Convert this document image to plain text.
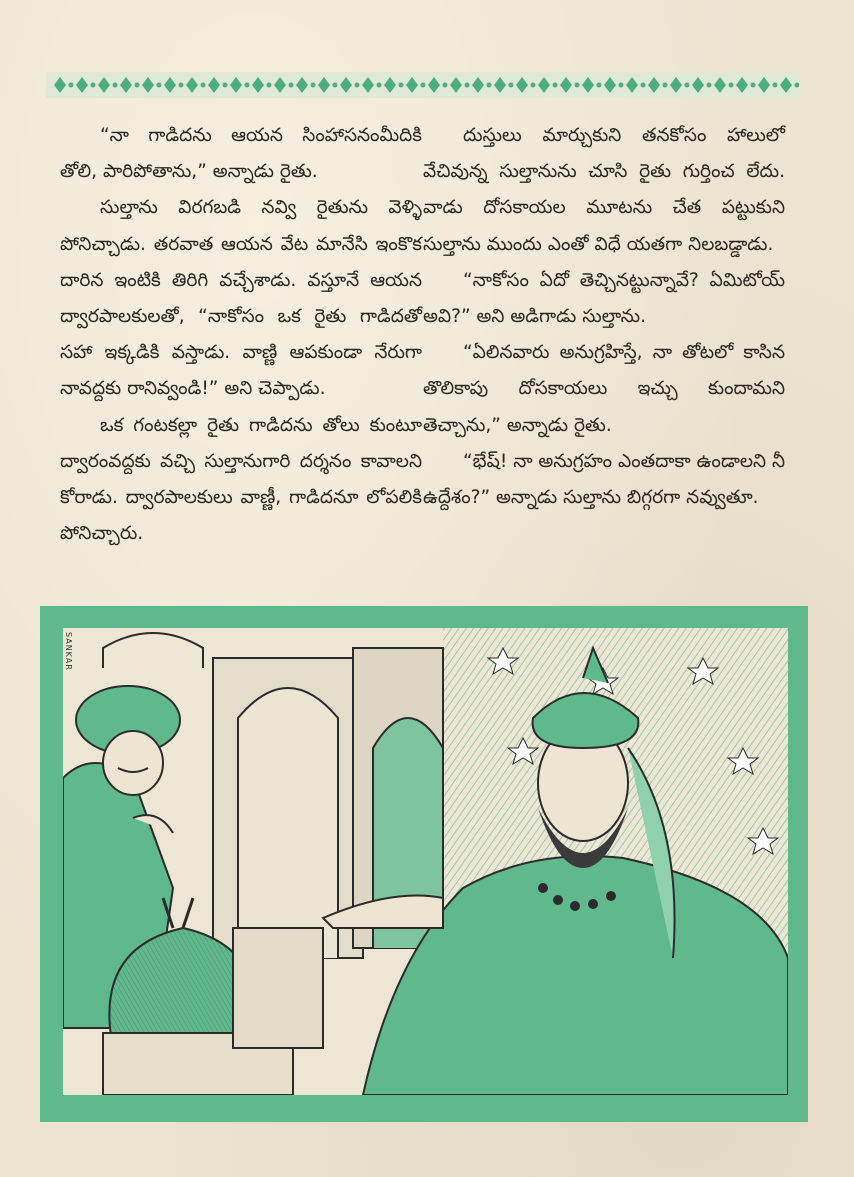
“నా గాడిదను ఆయన సింహాసనంమీదికి తోలి, పారిపోతాను,” అన్నాడు రైతు.

సుల్తాను విరగబడి నవ్వి రైతును వెళ్ళి పోనిచ్చాడు. తరవాత ఆయన వేట మానేసి ఇంకొక దారిన ఇంటికి తిరిగి వచ్చేశాడు. వస్తూనే ఆయన ద్వారపాలకులతో, “నాకోసం ఒక రైతు గాడిదతో సహా ఇక్కడికి వస్తాడు. వాణ్ణి ఆపకుండా నేరుగా నావద్దకు రానివ్వండి!” అని చెప్పాడు.

ఒక గంటకల్లా రైతు గాడిదను తోలు కుంటూ ద్వారంవద్దకు వచ్చి సుల్తానుగారి దర్శనం కావాలని కోరాడు. ద్వారపాలకులు వాణ్ణీ, గాడిదనూ లోపలికి పోనిచ్చారు.

దుస్తులు మార్చుకుని తనకోసం హాలులో వేచివున్న సుల్తానును చూసి రైతు గుర్తించ లేదు. వాడు దోసకాయల మూటను చేత పట్టుకుని సుల్తాను ముందు ఎంతో విధే యతగా నిలబడ్డాడు.

“నాకోసం ఏదో తెచ్చినట్టున్నావే? ఏమిటోయ్ అవి?” అని అడిగాడు సుల్తాను.

“ఏలినవారు అనుగ్రహిస్తే, నా తోటలో కాసిన తొలికాపు దోసకాయలు ఇచ్చు కుందామని తెచ్చాను,” అన్నాడు రైతు.

“భేష్! నా అనుగ్రహం ఎంతదాకా ఉండాలని నీ ఉద్దేశం?” అన్నాడు సుల్తాను బిగ్గరగా నవ్వుతూ.

SANKAR
